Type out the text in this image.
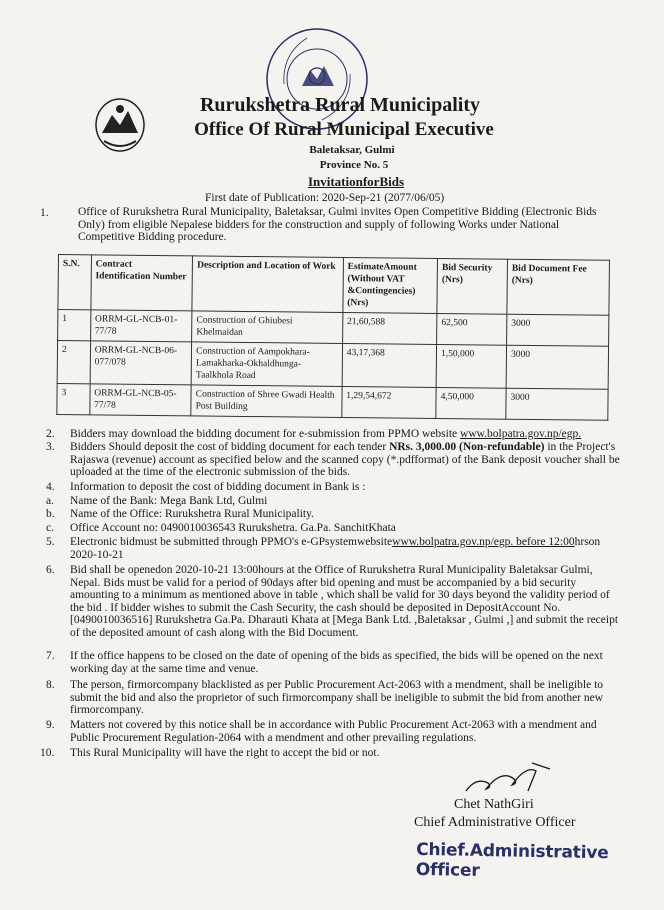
Rurukshetra Rural Municipality
Office Of Rural Municipal Executive
Baletaksar, Gulmi
Province No. 5
InvitationforBids
First date of Publication: 2020-Sep-21 (2077/06/05)
1.	Office of Rurukshetra Rural Municipality, Baletaksar, Gulmi invites Open Competitive Bidding (Electronic Bids Only) from eligible Nepalese bidders for the construction and supply of following Works under National Competitive Bidding procedure.
S.N.	Contract Identification Number	Description and Location of Work	EstimateAmount (Without VAT &Contingencies) (Nrs)	Bid Security (Nrs)	Bid Document Fee (Nrs)
1	ORRM-GL-NCB-01-77/78	Construction of Ghiubesi Khelmaidan	21,60,588	62,500	3000
2	ORRM-GL-NCB-06-077/078	Construction of Aampokhara-Lamakharka-Okhaldhunga-Taalkhola Road	43,17,368	1,50,000	3000
3	ORRM-GL-NCB-05-77/78	Construction of Shree Gwadi Health Post Building	1,29,54,672	4,50,000	3000
2. Bidders may download the bidding document for e-submission from PPMO website www.bolpatra.gov.np/egp.
3. Bidders Should deposit the cost of bidding document for each tender NRs. 3,000.00 (Non-refundable) in the Project's Rajaswa (revenue) account as specified below and the scanned copy (*.pdfformat) of the Bank deposit voucher shall be uploaded at the time of the electronic submission of the bids.
4. Information to deposit the cost of bidding document in Bank is :
a. Name of the Bank: Mega Bank Ltd, Gulmi
b. Name of the Office: Rurukshetra Rural Municipality.
c. Office Account no: 0490010036543 Rurukshetra. Ga.Pa. SanchitKhata
5. Electronic bidmust be submitted through PPMO's e-GPsystemwebsitewww.bolpatra.gov.np/egp. before 12:00hrson 2020-10-21
6. Bid shall be openedon 2020-10-21 13:00hours at the Office of Rurukshetra Rural Municipality Baletaksar Gulmi, Nepal. Bids must be valid for a period of 90days after bid opening and must be accompanied by a bid security amounting to a minimum as mentioned above in table , which shall be valid for 30 days beyond the validity period of the bid . If bidder wishes to submit the Cash Security, the cash should be deposited in DepositAccount No.[0490010036516] Rurukshetra Ga.Pa. Dharauti Khata at [Mega Bank Ltd. ,Baletaksar , Gulmi ,] and submit the receipt of the deposited amount of cash along with the Bid Document.
7. If the office happens to be closed on the date of opening of the bids as specified, the bids will be opened on the next working day at the same time and venue.
8. The person, firmorcompany blacklisted as per Public Procurement Act-2063 with a mendment, shall be ineligible to submit the bid and also the proprietor of such firmorcompany shall be ineligible to submit the bid from another new firmorcompany.
9. Matters not covered by this notice shall be in accordance with Public Procurement Act-2063 with a mendment and Public Procurement Regulation-2064 with a mendment and other prevailing regulations.
10. This Rural Municipality will have the right to accept the bid or not.
Chet NathGiri
Chief Administrative Officer
Chief.Administrative Officer
